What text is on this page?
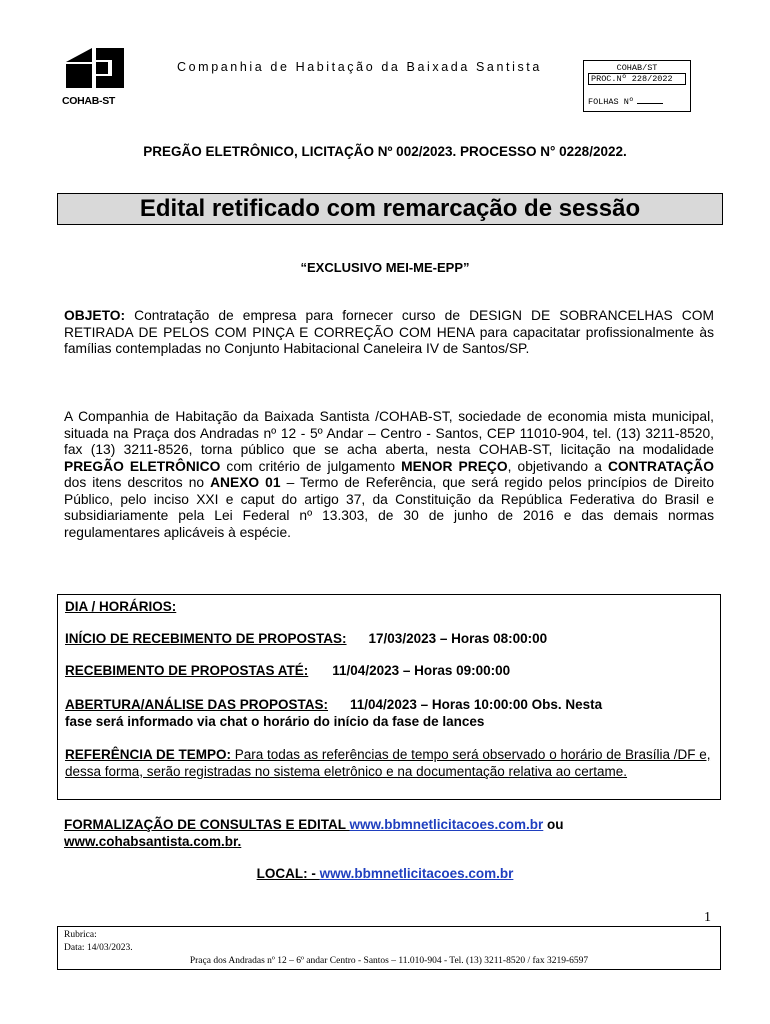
COHAB-ST
Companhia de Habitação da Baixada Santista	COHAB/ST
PROC.Nº 228/2022
FOLHAS Nº
PREGÃO ELETRÔNICO, LICITAÇÃO Nº 002/2023. PROCESSO N° 0228/2022.
Edital retificado com remarcação de sessão
“EXCLUSIVO MEI-ME-EPP”
OBJETO: Contratação de empresa para fornecer curso de DESIGN DE SOBRANCELHAS COM RETIRADA DE PELOS COM PINÇA E CORREÇÃO COM HENA para capacitatar profissionalmente às famílias contempladas no Conjunto Habitacional Caneleira IV de Santos/SP.
A Companhia de Habitação da Baixada Santista /COHAB-ST, sociedade de economia mista municipal, situada na Praça dos Andradas nº 12 - 5º Andar – Centro - Santos, CEP 11010-904, tel. (13) 3211-8520, fax (13) 3211-8526, torna público que se acha aberta, nesta COHAB-ST, licitação na modalidade PREGÃO ELETRÔNICO com critério de julgamento MENOR PREÇO, objetivando a CONTRATAÇÃO dos itens descritos no ANEXO 01 – Termo de Referência, que será regido pelos princípios de Direito Público, pelo inciso XXI e caput do artigo 37, da Constituição da República Federativa do Brasil e subsidiariamente pela Lei Federal nº 13.303, de 30 de junho de 2016 e das demais normas regulamentares aplicáveis à espécie.
DIA / HORÁRIOS:
INÍCIO DE RECEBIMENTO DE PROPOSTAS: 17/03/2023 – Horas 08:00:00
RECEBIMENTO DE PROPOSTAS ATÉ: 11/04/2023 – Horas 09:00:00
ABERTURA/ANÁLISE DAS PROPOSTAS: 11/04/2023 – Horas 10:00:00 Obs. Nesta
fase será informado via chat o horário do início da fase de lances
REFERÊNCIA DE TEMPO: Para todas as referências de tempo será observado o horário de Brasília /DF e, dessa forma, serão registradas no sistema eletrônico e na documentação relativa ao certame.
FORMALIZAÇÃO DE CONSULTAS E EDITAL www.bbmnetlicitacoes.com.br ou
www.cohabsantista.com.br.
LOCAL: - www.bbmnetlicitacoes.com.br
1
Rubrica:
Data: 14/03/2023.
Praça dos Andradas nº 12 – 6º andar Centro - Santos – 11.010-904 - Tel. (13) 3211-8520 / fax 3219-6597
